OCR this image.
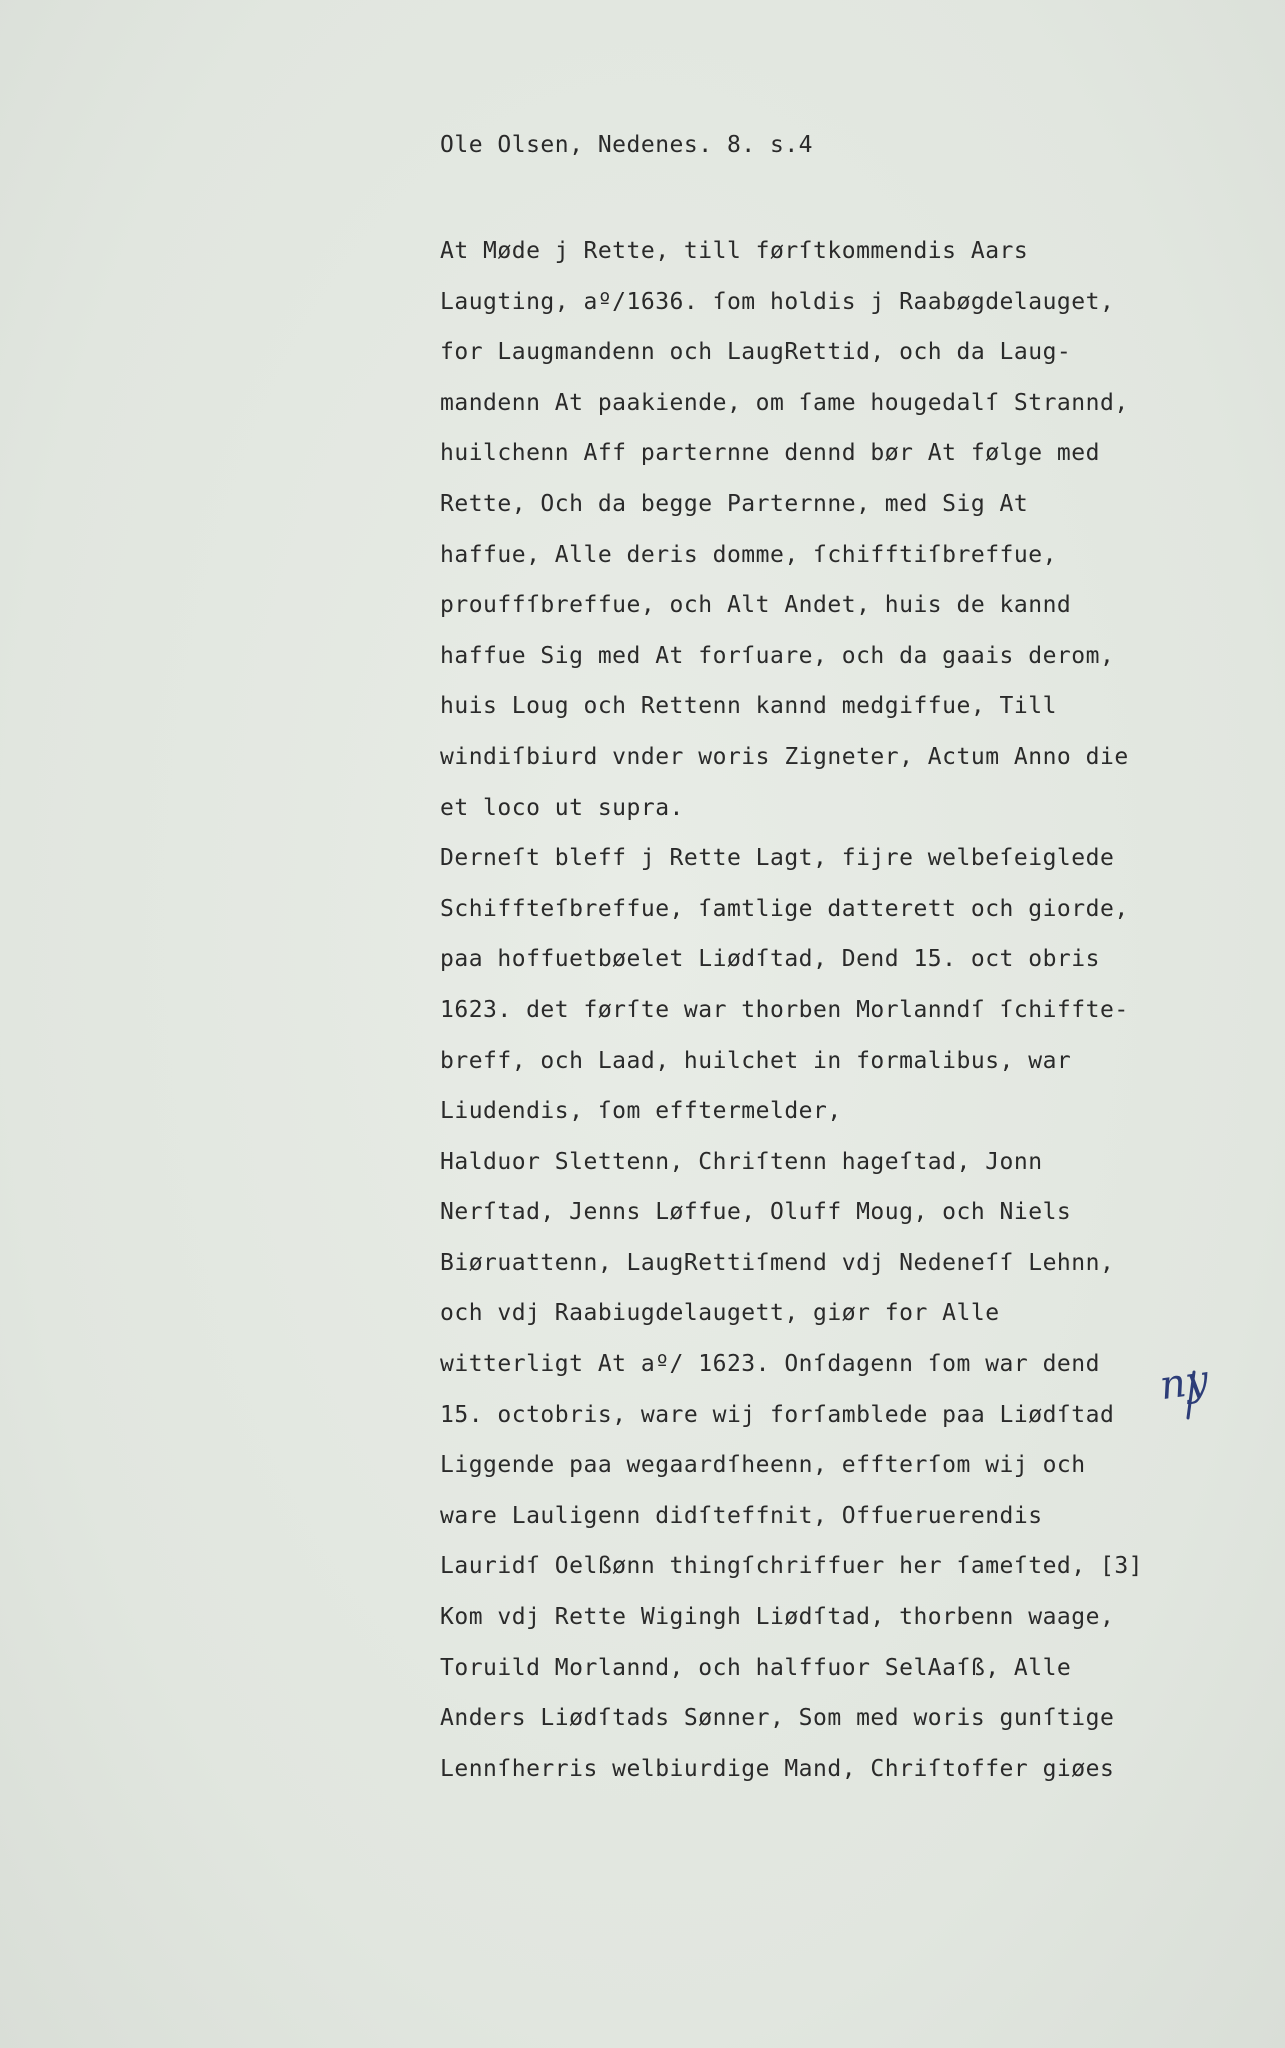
Ole Olsen, Nedenes. 8. s.4
At Møde j Rette, till førſtkommendis Aars
Laugting, aº/1636. ſom holdis j Raabøgdelauget,
for Laugmandenn och LaugRettid, och da Laug-
mandenn At paakiende, om ſame hougedalſ Strannd,
huilchenn Aff parternne dennd bør At følge med
Rette, Och da begge Parternne, med Sig At
haffue, Alle deris domme, ſchifftiſbreffue,
prouffſbreffue, och Alt Andet, huis de kannd
haffue Sig med At forſuare, och da gaais derom,
huis Loug och Rettenn kannd medgiffue, Till
windiſbiurd vnder woris Zigneter, Actum Anno die
et loco ut supra.
Derneſt bleff j Rette Lagt, fijre welbeſeiglede
Schiffteſbreffue, ſamtlige datterett och giorde,
paa hoffuetbøelet Liødſtad, Dend 15. oct obris
1623. det førſte war thorben Morlanndſ ſchiffte-
breff, och Laad, huilchet in formalibus, war
Liudendis, ſom efftermelder,
Halduor Slettenn, Chriſtenn hageſtad, Jonn
Nerſtad, Jenns Løffue, Oluff Moug, och Niels
Biøruattenn, LaugRettiſmend vdj Nedeneſſ Lehnn,
och vdj Raabiugdelaugett, giør for Alle
witterligt At aº/ 1623. Onſdagenn ſom war dend
15. octobris, ware wij forſamblede paa Liødſtad
Liggende paa wegaardſheenn, effterſom wij och
ware Lauligenn didſteffnit, Offueruerendis
Lauridſ Oelßønn thingſchriffuer her ſameſted, [3]
Kom vdj Rette Wigingh Liødſtad, thorbenn waage,
Toruild Morlannd, och halffuor SelAaſß, Alle
Anders Liødſtads Sønner, Som med woris gunſtige
Lennſherris welbiurdige Mand, Chriſtoffer giøes
ny
